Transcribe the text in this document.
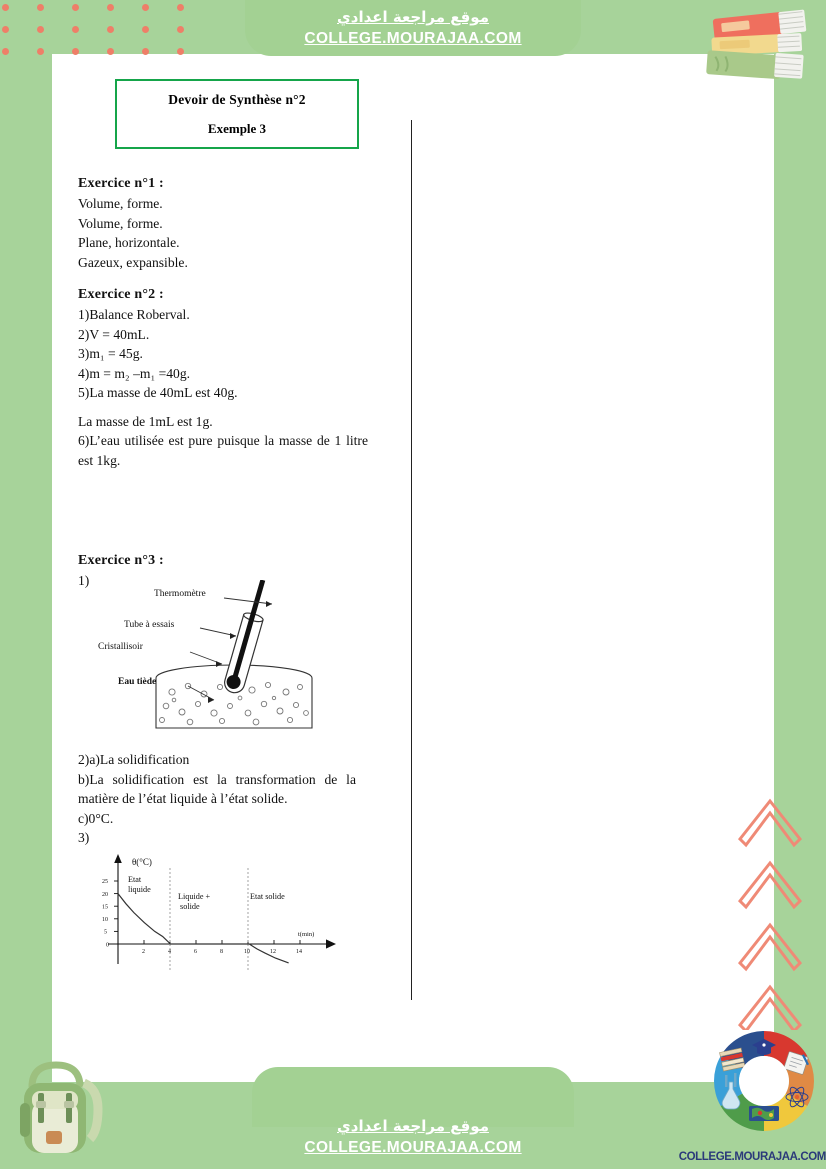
موقع مراجعة اعدادي
COLLEGE.MOURAJAA.COM
موقع مراجعة اعدادي
COLLEGE.MOURAJAA.COM
COLLEGE.MOURAJAA.COM
Devoir de Synthèse n°2
Exemple 3
Exercice n°1 :

Volume, forme.

Volume, forme.

Plane, horizontale.

Gazeux, expansible.

Exercice n°2 :

1)Balance Roberval.

2)V = 40mL.

3)m₁ = 45g.

4)m = m₂ –m₁ =40g.

5)La masse de 40mL est 40g.

La masse de 1mL est 1g.

6)L’eau utilisée est pure puisque la masse de 1 litre est 1kg.

Exercice n°3 :

1)

Thermomètre
Tube à essais
Cristallisoir
Eau tiède

2)a)La solidification

b)La solidification est la transformation de la matière de l’état liquide à l’état solide.

c)0°C.

3)

θ(°C)
t(min)
0
5
10
15
20
25
2	4	6	8	10	12	14
Etat
liquide
Liquide +
solide
Etat solide
